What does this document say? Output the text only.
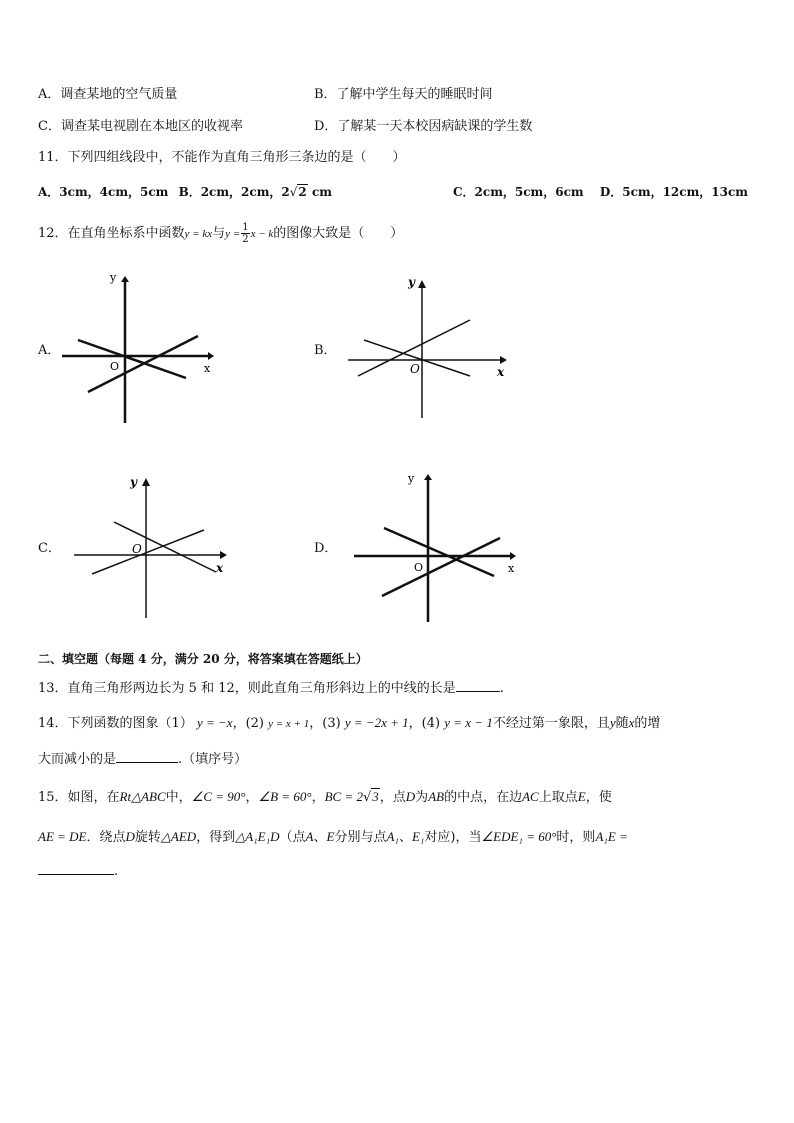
A．调查某地的空气质量	B．了解中学生每天的睡眠时间
C．调查某电视剧在本地区的收视率	D．了解某一天本校因病缺课的学生数
11．下列四组线段中，不能作为直角三角形三条边的是（　　）
A．3cm，4cm，5cm  B．2cm，2cm，2√2 cm	C．2cm，5cm，6cm  D．5cm，12cm，13cm
12．在直角坐标系中函数y = kx与$y = \frac{1}{2}$ x − k的图像大致是（　　）
A．	B．
C．	D．
y
x
O
y
x
O
y
x
O
y
x
O
二、填空题（每题 4 分，满分 20 分，将答案填在答题纸上）
13．直角三角形两边长为 5 和 12，则此直角三角形斜边上的中线的长是	.
14．下列函数的图象（1） y = −x，(2) y = x + 1，(3) y = −2x + 1，(4) y = x − 1不经过第一象限，且y随x的增
大而减小的是	.（填序号）
15．如图，在Rt△ABC中，∠C = 90°，∠B = 60°，BC = 2√3，点D为AB的中点，在边AC上取点E，使
AE = DE．绕点D旋转△AED，得到△A₁E₁D（点A、E分别与点A₁、E₁对应)，当∠EDE₁ = 60°时，则A₁E =
.
